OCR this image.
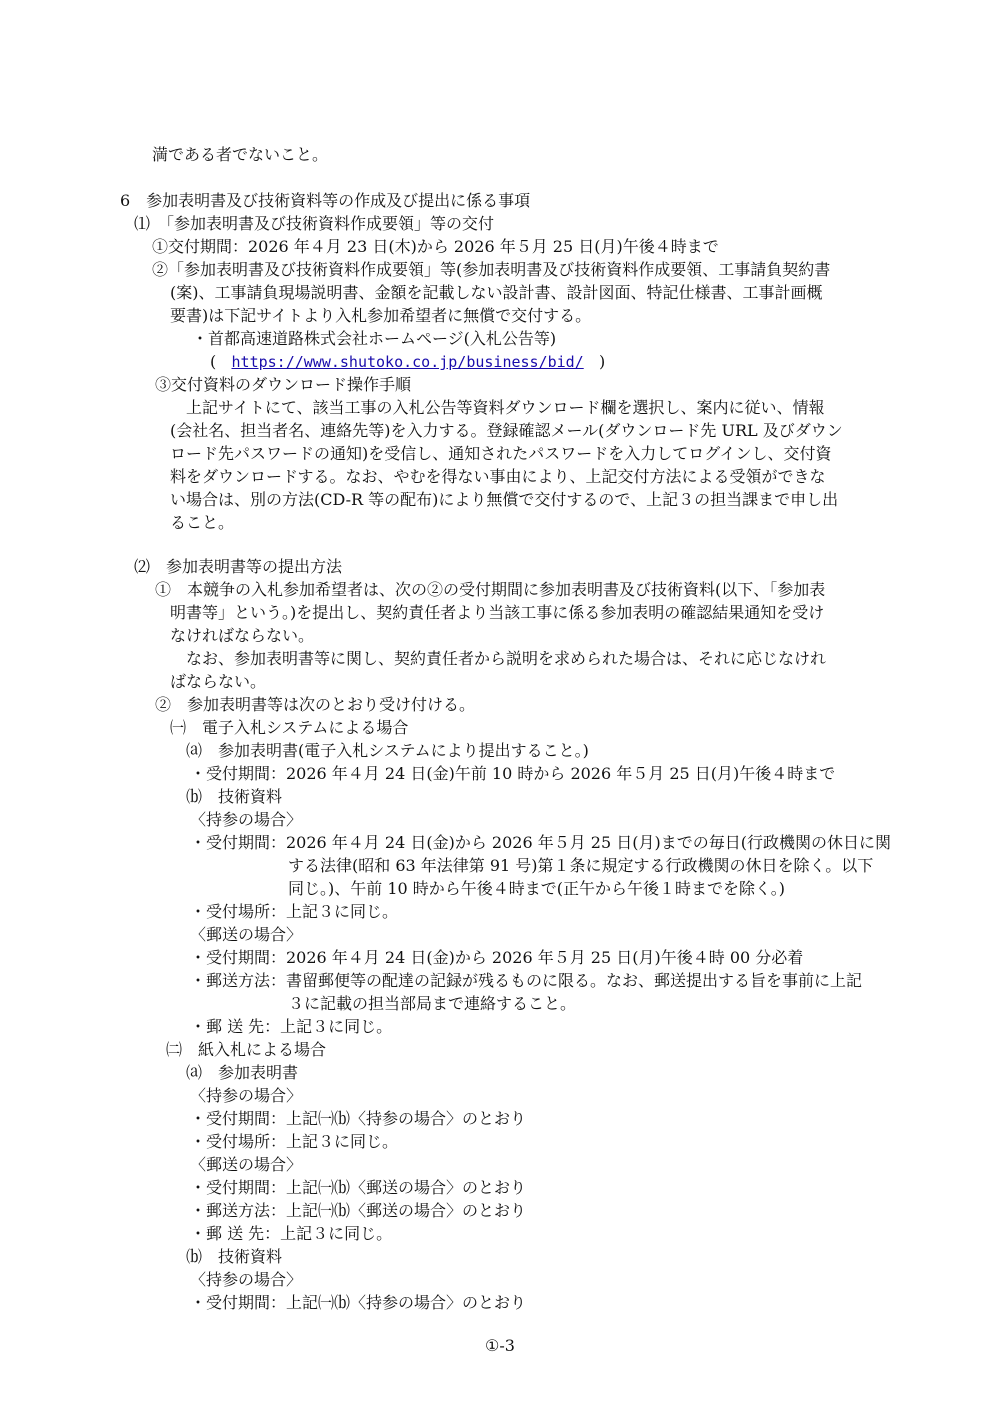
満である者でないこと。
6　参加表明書及び技術資料等の作成及び提出に係る事項
⑴　「参加表明書及び技術資料作成要領」等の交付
①交付期間：2026 年４月 23 日(木)から 2026 年５月 25 日(月)午後４時まで
②「参加表明書及び技術資料作成要領」等(参加表明書及び技術資料作成要領、工事請負契約書
(案)、工事請負現場説明書、金額を記載しない設計書、設計図面、特記仕様書、工事計画概
要書)は下記サイトより入札参加希望者に無償で交付する。
・首都高速道路株式会社ホームページ(入札公告等)
( https://www.shutoko.co.jp/business/bid/ )
③交付資料のダウンロード操作手順
上記サイトにて、該当工事の入札公告等資料ダウンロード欄を選択し、案内に従い、情報
(会社名、担当者名、連絡先等)を入力する。登録確認メール(ダウンロード先 URL 及びダウン
ロード先パスワードの通知)を受信し、通知されたパスワードを入力してログインし、交付資
料をダウンロードする。なお、やむを得ない事由により、上記交付方法による受領ができな
い場合は、別の方法(CD-R 等の配布)により無償で交付するので、上記３の担当課まで申し出
ること。
⑵　参加表明書等の提出方法
①　本競争の入札参加希望者は、次の②の受付期間に参加表明書及び技術資料(以下、「参加表
明書等」という。)を提出し、契約責任者より当該工事に係る参加表明の確認結果通知を受け
なければならない。
なお、参加表明書等に関し、契約責任者から説明を求められた場合は、それに応じなけれ
ばならない。
②　参加表明書等は次のとおり受け付ける。
㈠　電子入札システムによる場合
⒜　参加表明書(電子入札システムにより提出すること。)
・受付期間：2026 年４月 24 日(金)午前 10 時から 2026 年５月 25 日(月)午後４時まで
⒝　技術資料
〈持参の場合〉
・受付期間：2026 年４月 24 日(金)から 2026 年５月 25 日(月)までの毎日(行政機関の休日に関
する法律(昭和 63 年法律第 91 号)第１条に規定する行政機関の休日を除く。以下
同じ。)、午前 10 時から午後４時まで(正午から午後１時までを除く。)
・受付場所：上記３に同じ。
〈郵送の場合〉
・受付期間：2026 年４月 24 日(金)から 2026 年５月 25 日(月)午後４時 00 分必着
・郵送方法：書留郵便等の配達の記録が残るものに限る。なお、郵送提出する旨を事前に上記
３に記載の担当部局まで連絡すること。
・郵 送 先：上記３に同じ。
㈡　紙入札による場合
⒜　参加表明書
〈持参の場合〉
・受付期間：上記㈠⒝〈持参の場合〉のとおり
・受付場所：上記３に同じ。
〈郵送の場合〉
・受付期間：上記㈠⒝〈郵送の場合〉のとおり
・郵送方法：上記㈠⒝〈郵送の場合〉のとおり
・郵 送 先：上記３に同じ。
⒝　技術資料
〈持参の場合〉
・受付期間：上記㈠⒝〈持参の場合〉のとおり
①-3
